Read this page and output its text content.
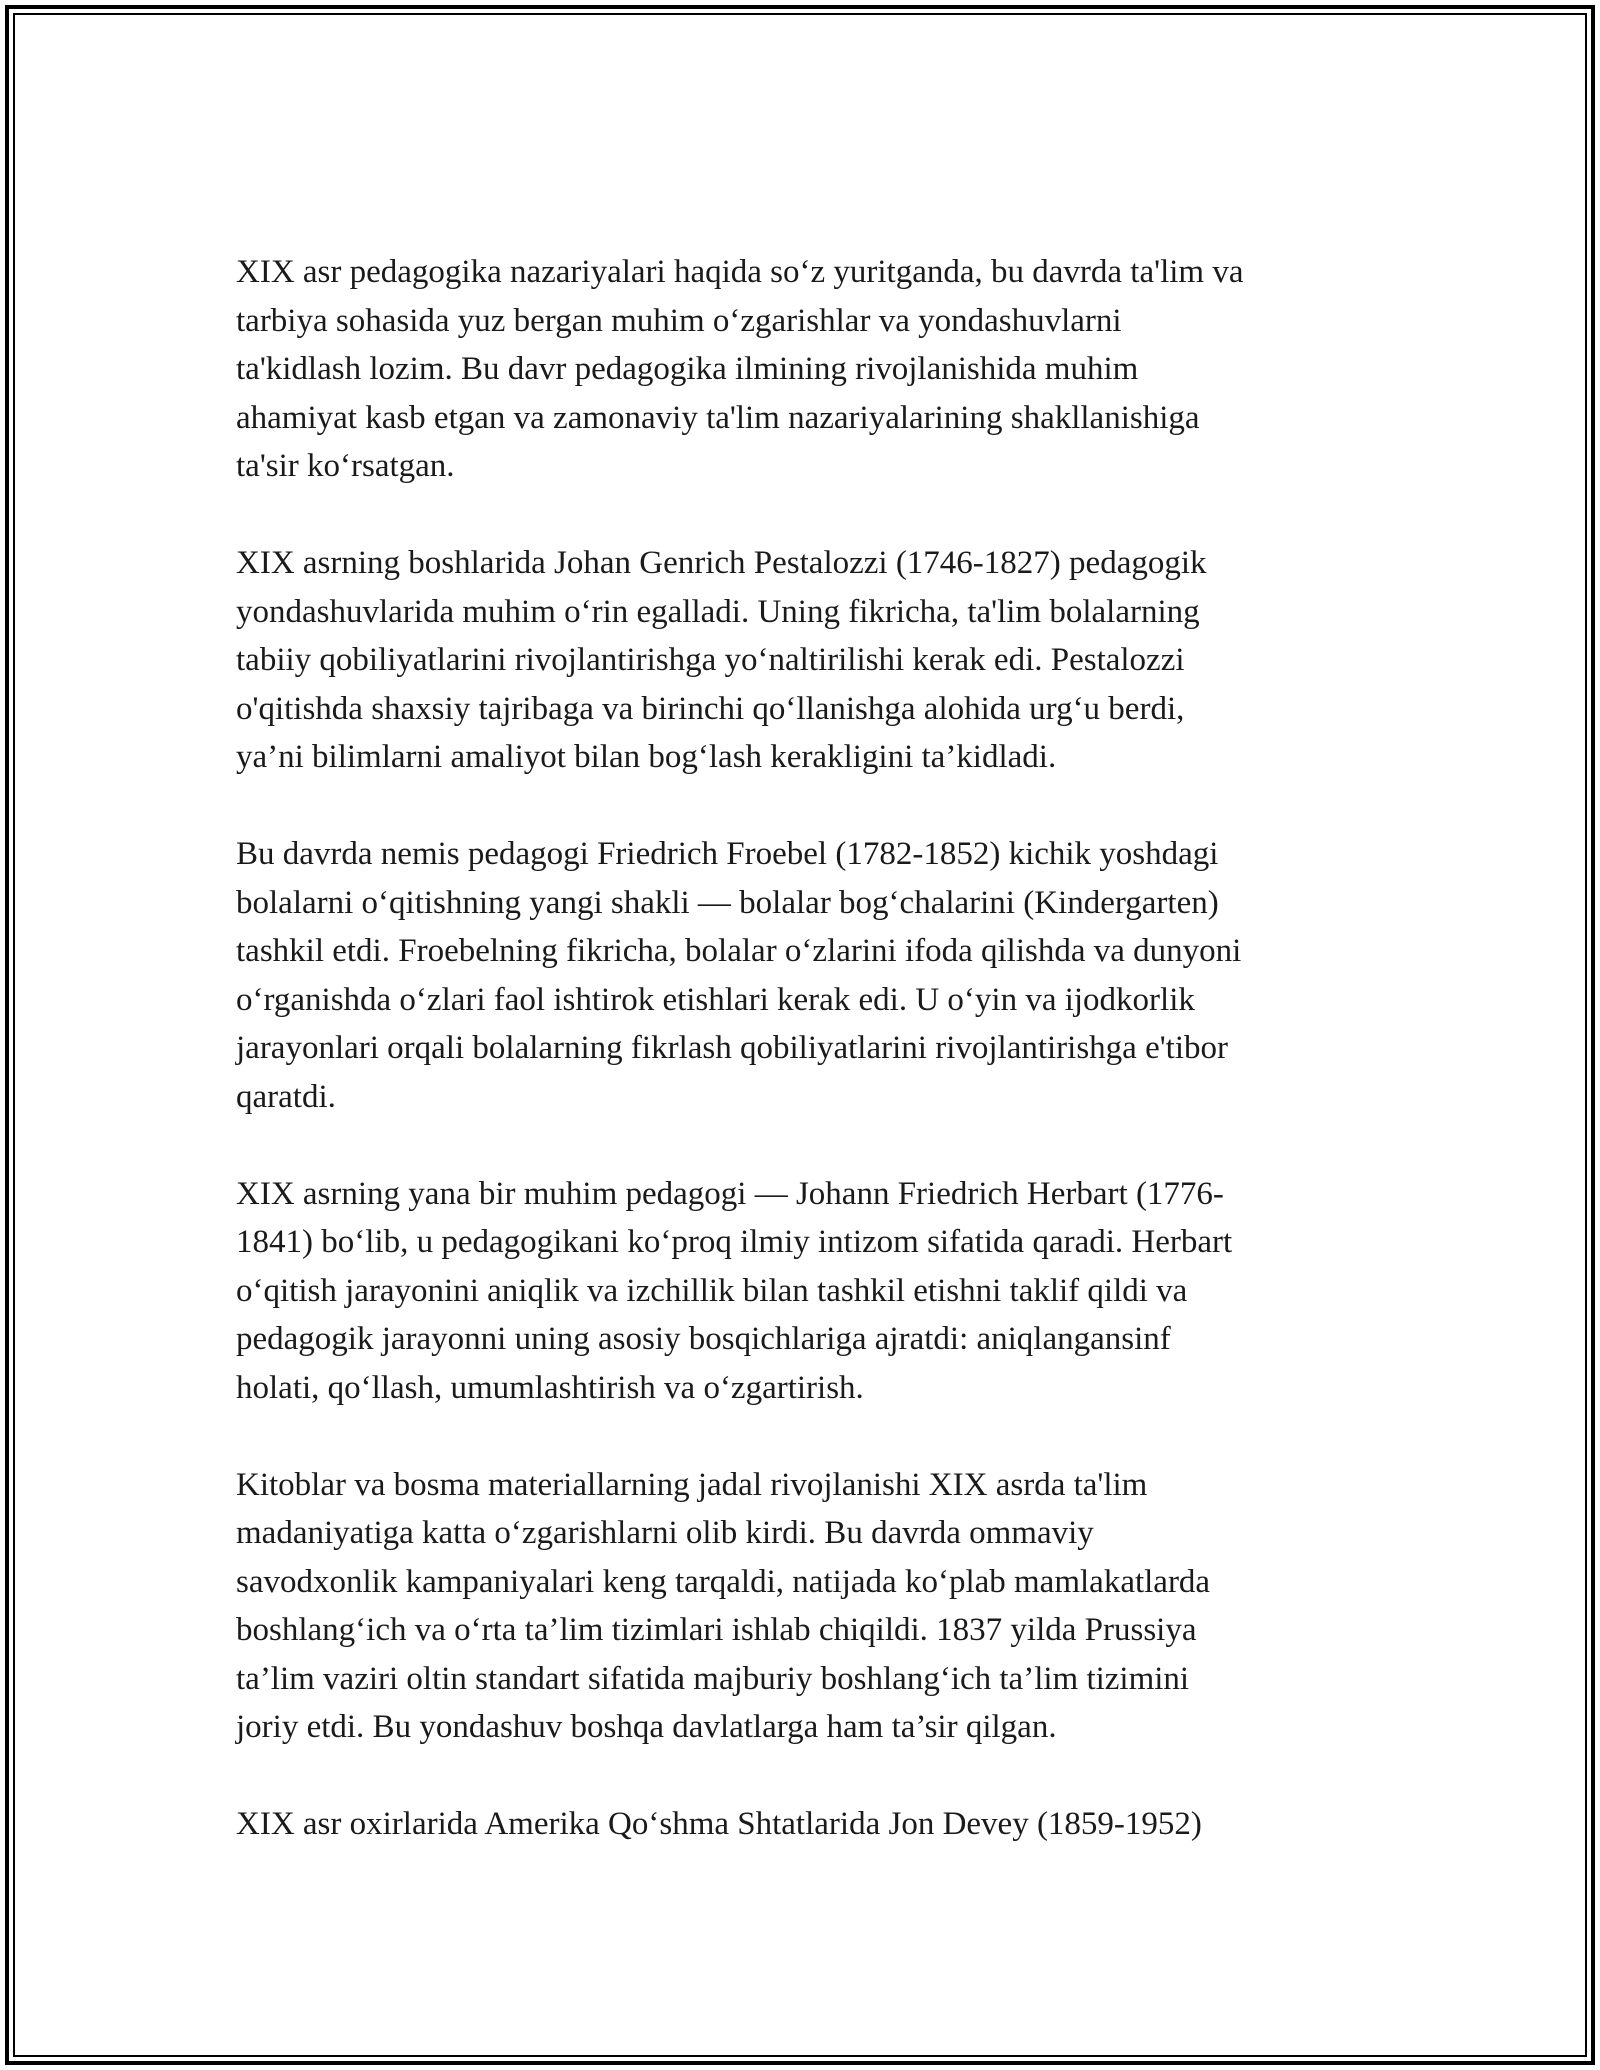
XIX asr pedagogika nazariyalari haqida so‘z yuritganda, bu davrda ta'lim va
tarbiya sohasida yuz bergan muhim o‘zgarishlar va yondashuvlarni
ta'kidlash lozim. Bu davr pedagogika ilmining rivojlanishida muhim
ahamiyat kasb etgan va zamonaviy ta'lim nazariyalarining shakllanishiga
ta'sir ko‘rsatgan.

XIX asrning boshlarida Johan Genrich Pestalozzi (1746-1827) pedagogik
yondashuvlarida muhim o‘rin egalladi. Uning fikricha, ta'lim bolalarning
tabiiy qobiliyatlarini rivojlantirishga yo‘naltirilishi kerak edi. Pestalozzi
o'qitishda shaxsiy tajribaga va birinchi qo‘llanishga alohida urg‘u berdi,
ya’ni bilimlarni amaliyot bilan bog‘lash kerakligini ta’kidladi.

Bu davrda nemis pedagogi Friedrich Froebel (1782-1852) kichik yoshdagi
bolalarni o‘qitishning yangi shakli — bolalar bog‘chalarini (Kindergarten)
tashkil etdi. Froebelning fikricha, bolalar o‘zlarini ifoda qilishda va dunyoni
o‘rganishda o‘zlari faol ishtirok etishlari kerak edi. U o‘yin va ijodkorlik
jarayonlari orqali bolalarning fikrlash qobiliyatlarini rivojlantirishga e'tibor
qaratdi.

XIX asrning yana bir muhim pedagogi — Johann Friedrich Herbart (1776-
1841) bo‘lib, u pedagogikani ko‘proq ilmiy intizom sifatida qaradi. Herbart
o‘qitish jarayonini aniqlik va izchillik bilan tashkil etishni taklif qildi va
pedagogik jarayonni uning asosiy bosqichlariga ajratdi: aniqlangansinf
holati, qo‘llash, umumlashtirish va o‘zgartirish.

Kitoblar va bosma materiallarning jadal rivojlanishi XIX asrda ta'lim
madaniyatiga katta o‘zgarishlarni olib kirdi. Bu davrda ommaviy
savodxonlik kampaniyalari keng tarqaldi, natijada ko‘plab mamlakatlarda
boshlang‘ich va o‘rta ta’lim tizimlari ishlab chiqildi. 1837 yilda Prussiya
ta’lim vaziri oltin standart sifatida majburiy boshlang‘ich ta’lim tizimini
joriy etdi. Bu yondashuv boshqa davlatlarga ham ta’sir qilgan.

XIX asr oxirlarida Amerika Qo‘shma Shtatlarida Jon Devey (1859-1952)
